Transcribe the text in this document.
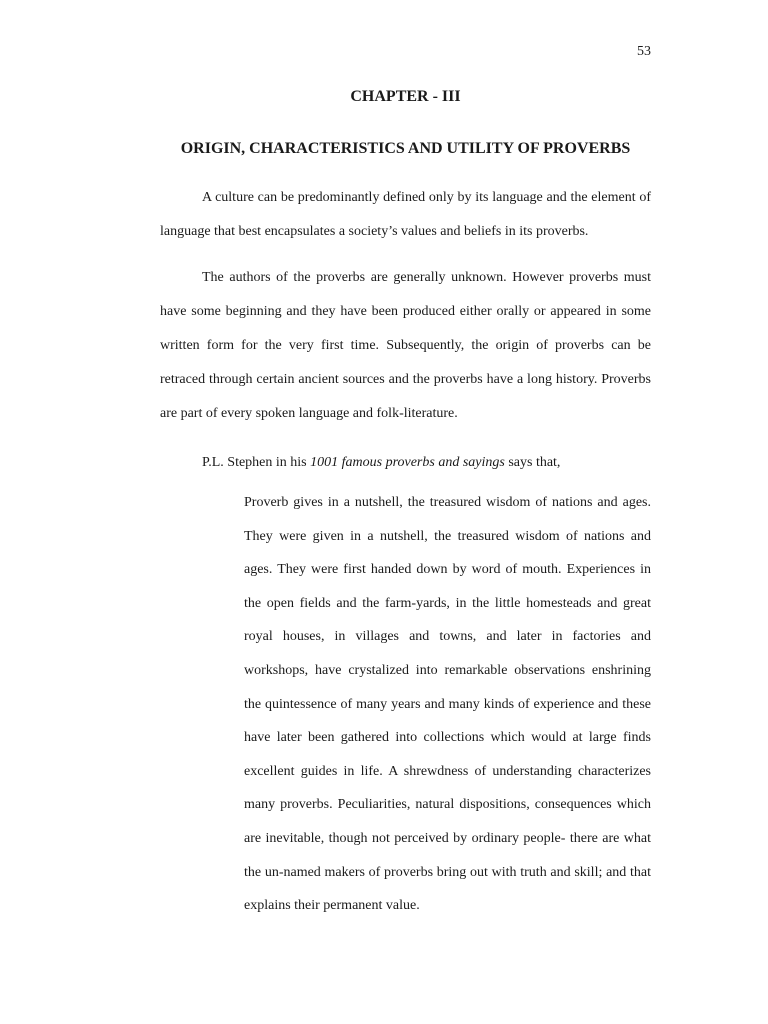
53
CHAPTER - III
ORIGIN, CHARACTERISTICS AND UTILITY OF PROVERBS

A culture can be predominantly defined only by its language and the element of language that best encapsulates a society’s values and beliefs in its proverbs.

The authors of the proverbs are generally unknown. However proverbs must have some beginning and they have been produced either orally or appeared in some written form for the very first time. Subsequently, the origin of proverbs can be retraced through certain ancient sources and the proverbs have a long history. Proverbs are part of every spoken language and folk-literature.

P.L. Stephen in his 1001 famous proverbs and sayings says that,

Proverb gives in a nutshell, the treasured wisdom of nations and ages. They were given in a nutshell, the treasured wisdom of nations and ages. They were first handed down by word of mouth. Experiences in the open fields and the farm-yards, in the little homesteads and great royal houses, in villages and towns, and later in factories and workshops, have crystalized into remarkable observations enshrining the quintessence of many years and many kinds of experience and these have later been gathered into collections which would at large finds excellent guides in life. A shrewdness of understanding characterizes many proverbs. Peculiarities, natural dispositions, consequences which are inevitable, though not perceived by ordinary people- there are what the un-named makers of proverbs bring out with truth and skill; and that explains their permanent value.
